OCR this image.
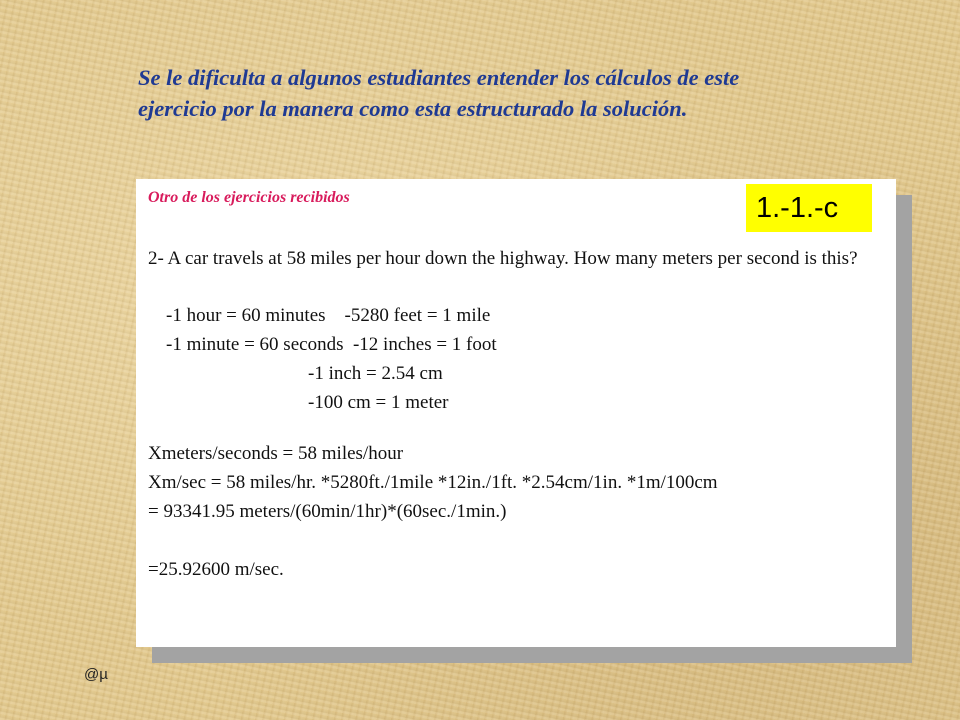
Se le dificulta a algunos estudiantes entender los cálculos de este
ejercicio por la manera como esta estructurado la solución.

Otro de los ejercicios recibidos	1.-1.-c

2- A car travels at 58 miles per hour down the highway. How many meters per second is this?

-1 hour = 60 minutes    -5280 feet = 1 mile
-1 minute = 60 seconds  -12 inches = 1 foot
-1 inch = 2.54 cm
-100 cm = 1 meter
Xmeters/seconds = 58 miles/hour
Xm/sec = 58 miles/hr. *5280ft./1mile *12in./1ft. *2.54cm/1in. *1m/100cm
= 93341.95 meters/(60min/1hr)*(60sec./1min.)
=25.92600 m/sec.
@µ
